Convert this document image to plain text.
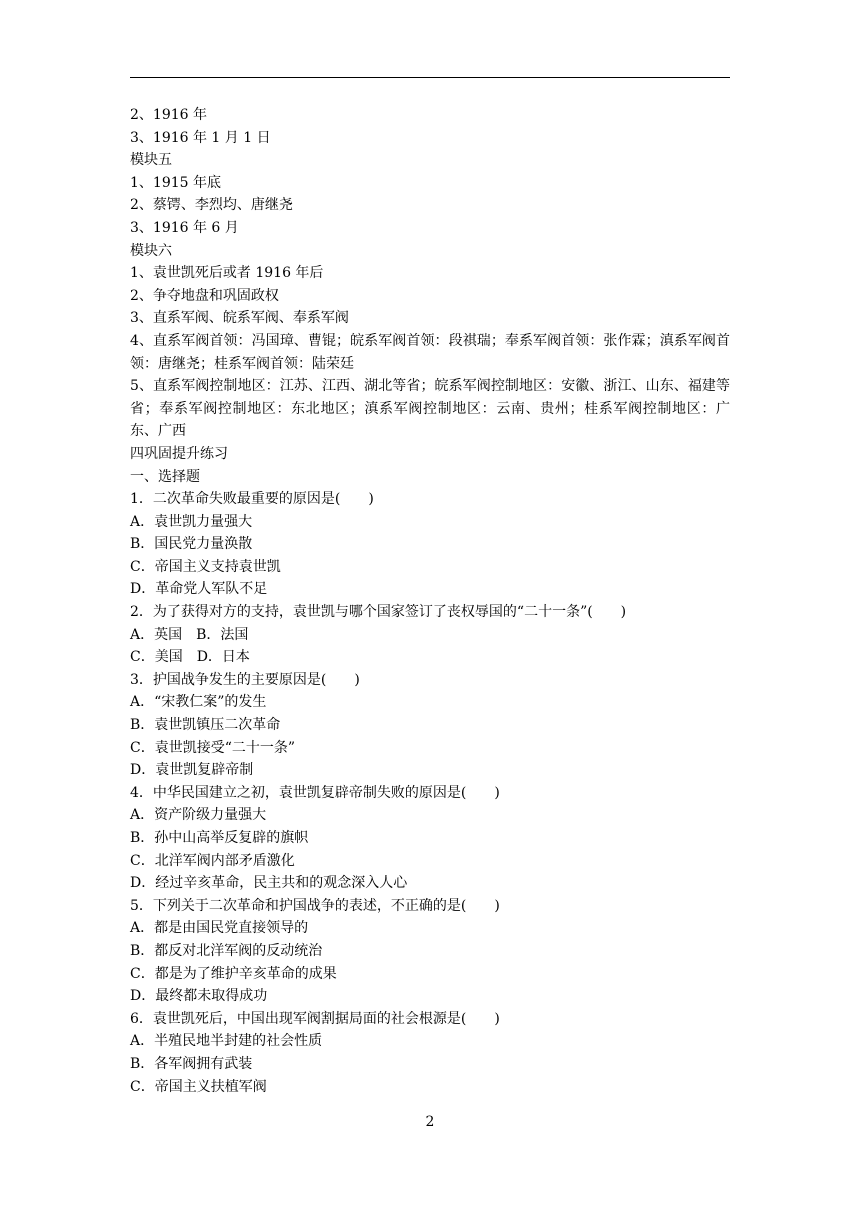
2、1916 年
3、1916 年 1 月 1 日
模块五
1、1915 年底
2、蔡锷、李烈均、唐继尧
3、1916 年 6 月
模块六
1、袁世凯死后或者 1916 年后
2、争夺地盘和巩固政权
3、直系军阀、皖系军阀、奉系军阀
4、直系军阀首领：冯国璋、曹锟；皖系军阀首领：段祺瑞；奉系军阀首领：张作霖；滇系军阀首领：唐继尧；桂系军阀首领：陆荣廷
5、直系军阀控制地区：江苏、江西、湖北等省；皖系军阀控制地区：安徽、浙江、山东、福建等省；奉系军阀控制地区：东北地区；滇系军阀控制地区：云南、贵州；桂系军阀控制地区：广东、广西
四巩固提升练习
一、选择题
1．二次革命失败最重要的原因是(　　)
A．袁世凯力量强大
B．国民党力量涣散
C．帝国主义支持袁世凯
D．革命党人军队不足
2．为了获得对方的支持，袁世凯与哪个国家签订了丧权辱国的“二十一条”(　　)
A．英国　B．法国
C．美国　D．日本
3．护国战争发生的主要原因是(　　)
A．“宋教仁案”的发生
B．袁世凯镇压二次革命
C．袁世凯接受“二十一条”
D．袁世凯复辟帝制
4．中华民国建立之初，袁世凯复辟帝制失败的原因是(　　)
A．资产阶级力量强大
B．孙中山高举反复辟的旗帜
C．北洋军阀内部矛盾激化
D．经过辛亥革命，民主共和的观念深入人心
5．下列关于二次革命和护国战争的表述，不正确的是(　　)
A．都是由国民党直接领导的
B．都反对北洋军阀的反动统治
C．都是为了维护辛亥革命的成果
D．最终都未取得成功
6．袁世凯死后，中国出现军阀割据局面的社会根源是(　　)
A．半殖民地半封建的社会性质
B．各军阀拥有武装
C．帝国主义扶植军阀
2
